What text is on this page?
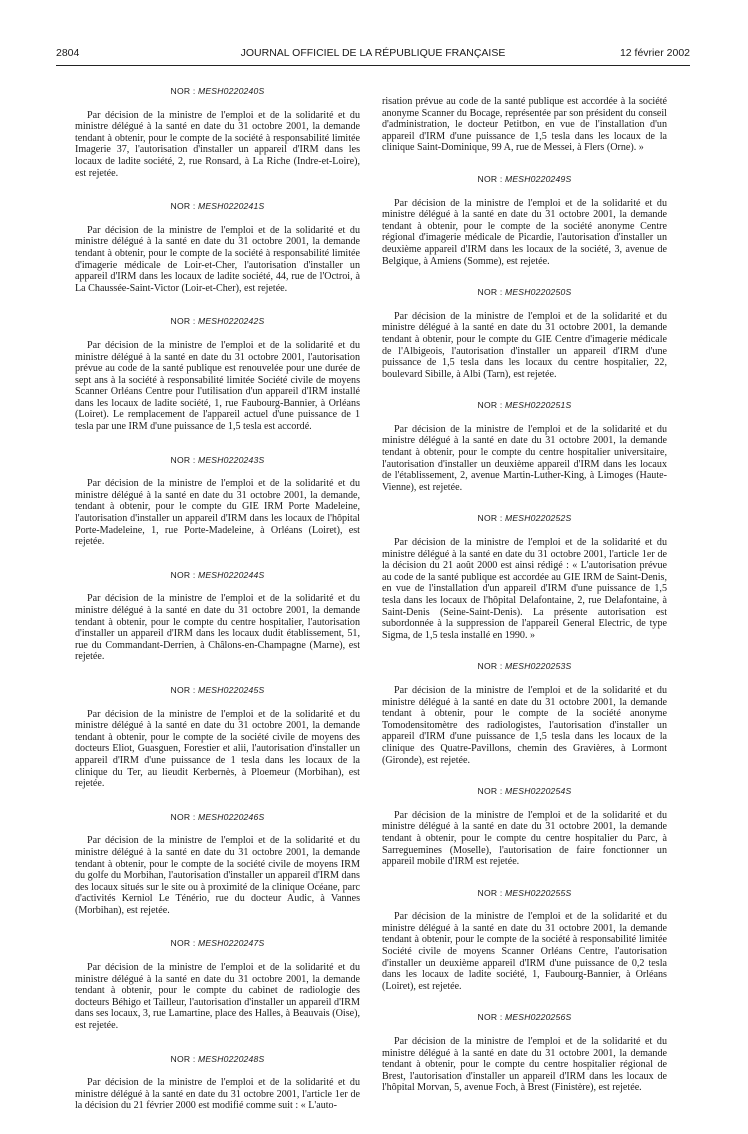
2804	JOURNAL OFFICIEL DE LA RÉPUBLIQUE FRANÇAISE	12 février 2002
NOR : MESH0220240S

Par décision de la ministre de l'emploi et de la solidarité et du ministre délégué à la santé en date du 31 octobre 2001, la demande tendant à obtenir, pour le compte de la société à responsabilité limitée Imagerie 37, l'autorisation d'installer un appareil d'IRM dans les locaux de ladite société, 2, rue Ronsard, à La Riche (Indre-et-Loire), est rejetée.

NOR : MESH0220241S

Par décision de la ministre de l'emploi et de la solidarité et du ministre délégué à la santé en date du 31 octobre 2001, la demande tendant à obtenir, pour le compte de la société à responsabilité limitée d'imagerie médicale de Loir-et-Cher, l'autorisation d'installer un appareil d'IRM dans les locaux de ladite société, 44, rue de l'Octroi, à La Chaussée-Saint-Victor (Loir-et-Cher), est rejetée.

NOR : MESH0220242S

Par décision de la ministre de l'emploi et de la solidarité et du ministre délégué à la santé en date du 31 octobre 2001, l'autorisation prévue au code de la santé publique est renouvelée pour une durée de sept ans à la société à responsabilité limitée Société civile de moyens Scanner Orléans Centre pour l'utilisation d'un appareil d'IRM installé dans les locaux de ladite société, 1, rue Faubourg-Bannier, à Orléans (Loiret). Le remplacement de l'appareil actuel d'une puissance de 1 tesla par une IRM d'une puissance de 1,5 tesla est accordé.

NOR : MESH0220243S

Par décision de la ministre de l'emploi et de la solidarité et du ministre délégué à la santé en date du 31 octobre 2001, la demande, tendant à obtenir, pour le compte du GIE IRM Porte Madeleine, l'autorisation d'installer un appareil d'IRM dans les locaux de l'hôpital Porte-Madeleine, 1, rue Porte-Madeleine, à Orléans (Loiret), est rejetée.

NOR : MESH0220244S

Par décision de la ministre de l'emploi et de la solidarité et du ministre délégué à la santé en date du 31 octobre 2001, la demande tendant à obtenir, pour le compte du centre hospitalier, l'autorisation d'installer un appareil d'IRM dans les locaux dudit établissement, 51, rue du Commandant-Derrien, à Châlons-en-Champagne (Marne), est rejetée.

NOR : MESH0220245S

Par décision de la ministre de l'emploi et de la solidarité et du ministre délégué à la santé en date du 31 octobre 2001, la demande tendant à obtenir, pour le compte de la société civile de moyens des docteurs Eliot, Guasguen, Forestier et alii, l'autorisation d'installer un appareil d'IRM d'une puissance de 1 tesla dans les locaux de la clinique du Ter, au lieudit Kerbernès, à Ploemeur (Morbihan), est rejetée.

NOR : MESH0220246S

Par décision de la ministre de l'emploi et de la solidarité et du ministre délégué à la santé en date du 31 octobre 2001, la demande tendant à obtenir, pour le compte de la société civile de moyens IRM du golfe du Morbihan, l'autorisation d'installer un appareil d'IRM dans des locaux situés sur le site ou à proximité de la clinique Océane, parc d'activités Kerniol Le Ténério, rue du docteur Audic, à Vannes (Morbihan), est rejetée.

NOR : MESH0220247S

Par décision de la ministre de l'emploi et de la solidarité et du ministre délégué à la santé en date du 31 octobre 2001, la demande tendant à obtenir, pour le compte du cabinet de radiologie des docteurs Béhigo et Tailleur, l'autorisation d'installer un appareil d'IRM dans ses locaux, 3, rue Lamartine, place des Halles, à Beauvais (Oise), est rejetée.

NOR : MESH0220248S

Par décision de la ministre de l'emploi et de la solidarité et du ministre délégué à la santé en date du 31 octobre 2001, l'article 1er de la décision du 21 février 2000 est modifié comme suit : « L'auto-

risation prévue au code de la santé publique est accordée à la société anonyme Scanner du Bocage, représentée par son président du conseil d'administration, le docteur Petitbon, en vue de l'installation d'un appareil d'IRM d'une puissance de 1,5 tesla dans les locaux de la clinique Saint-Dominique, 99 A, rue de Messei, à Flers (Orne). »

NOR : MESH0220249S

Par décision de la ministre de l'emploi et de la solidarité et du ministre délégué à la santé en date du 31 octobre 2001, la demande tendant à obtenir, pour le compte de la société anonyme Centre régional d'imagerie médicale de Picardie, l'autorisation d'installer un deuxième appareil d'IRM dans les locaux de la société, 3, avenue de Belgique, à Amiens (Somme), est rejetée.

NOR : MESH0220250S

Par décision de la ministre de l'emploi et de la solidarité et du ministre délégué à la santé en date du 31 octobre 2001, la demande tendant à obtenir, pour le compte du GIE Centre d'imagerie médicale de l'Albigeois, l'autorisation d'installer un appareil d'IRM d'une puissance de 1,5 tesla dans les locaux du centre hospitalier, 22, boulevard Sibille, à Albi (Tarn), est rejetée.

NOR : MESH0220251S

Par décision de la ministre de l'emploi et de la solidarité et du ministre délégué à la santé en date du 31 octobre 2001, la demande tendant à obtenir, pour le compte du centre hospitalier universitaire, l'autorisation d'installer un deuxième appareil d'IRM dans les locaux de l'établissement, 2, avenue Martin-Luther-King, à Limoges (Haute-Vienne), est rejetée.

NOR : MESH0220252S

Par décision de la ministre de l'emploi et de la solidarité et du ministre délégué à la santé en date du 31 octobre 2001, l'article 1er de la décision du 21 août 2000 est ainsi rédigé : « L'autorisation prévue au code de la santé publique est accordée au GIE IRM de Saint-Denis, en vue de l'installation d'un appareil d'IRM d'une puissance de 1,5 tesla dans les locaux de l'hôpital Delafontaine, 2, rue Delafontaine, à Saint-Denis (Seine-Saint-Denis). La présente autorisation est subordonnée à la suppression de l'appareil General Electric, de type Sigma, de 1,5 tesla installé en 1990. »

NOR : MESH0220253S

Par décision de la ministre de l'emploi et de la solidarité et du ministre délégué à la santé en date du 31 octobre 2001, la demande tendant à obtenir, pour le compte de la société anonyme Tomodensitomètre des radiologistes, l'autorisation d'installer un appareil d'IRM d'une puissance de 1,5 tesla dans les locaux de la clinique des Quatre-Pavillons, chemin des Gravières, à Lormont (Gironde), est rejetée.

NOR : MESH0220254S

Par décision de la ministre de l'emploi et de la solidarité et du ministre délégué à la santé en date du 31 octobre 2001, la demande tendant à obtenir, pour le compte du centre hospitalier du Parc, à Sarreguemines (Moselle), l'autorisation de faire fonctionner un appareil mobile d'IRM est rejetée.

NOR : MESH0220255S

Par décision de la ministre de l'emploi et de la solidarité et du ministre délégué à la santé en date du 31 octobre 2001, la demande tendant à obtenir, pour le compte de la société à responsabilité limitée Société civile de moyens Scanner Orléans Centre, l'autorisation d'installer un deuxième appareil d'IRM d'une puissance de 0,2 tesla dans les locaux de ladite société, 1, Faubourg-Bannier, à Orléans (Loiret), est rejetée.

NOR : MESH0220256S

Par décision de la ministre de l'emploi et de la solidarité et du ministre délégué à la santé en date du 31 octobre 2001, la demande tendant à obtenir, pour le compte du centre hospitalier régional de Brest, l'autorisation d'installer un appareil d'IRM dans les locaux de l'hôpital Morvan, 5, avenue Foch, à Brest (Finistère), est rejetée.
